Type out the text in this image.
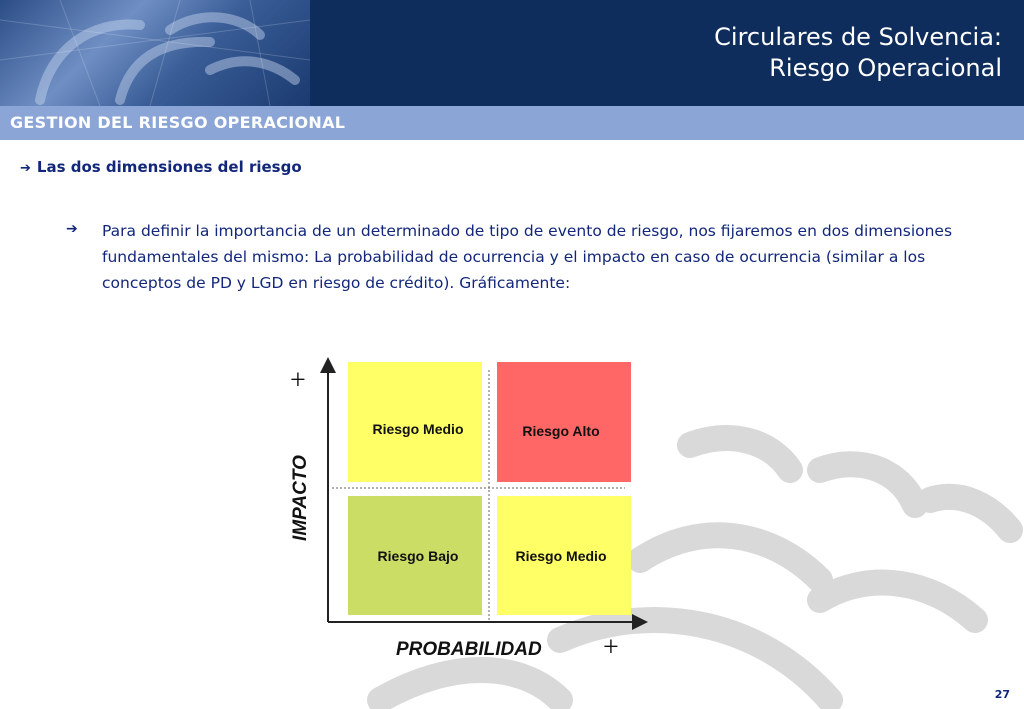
Circulares de Solvencia:
Riesgo Operacional
GESTION DEL RIESGO OPERACIONAL
➔ Las dos dimensiones del riesgo
➔ Para definir la importancia de un determinado de tipo de evento de riesgo, nos fijaremos en dos dimensiones fundamentales del mismo: La probabilidad de ocurrencia y el impacto en caso de ocurrencia (similar a los conceptos de PD y LGD en riesgo de crédito). Gráficamente:
Riesgo Medio	Riesgo Alto
Riesgo Bajo	Riesgo Medio
+
+
IMPACTO
PROBABILIDAD
27
